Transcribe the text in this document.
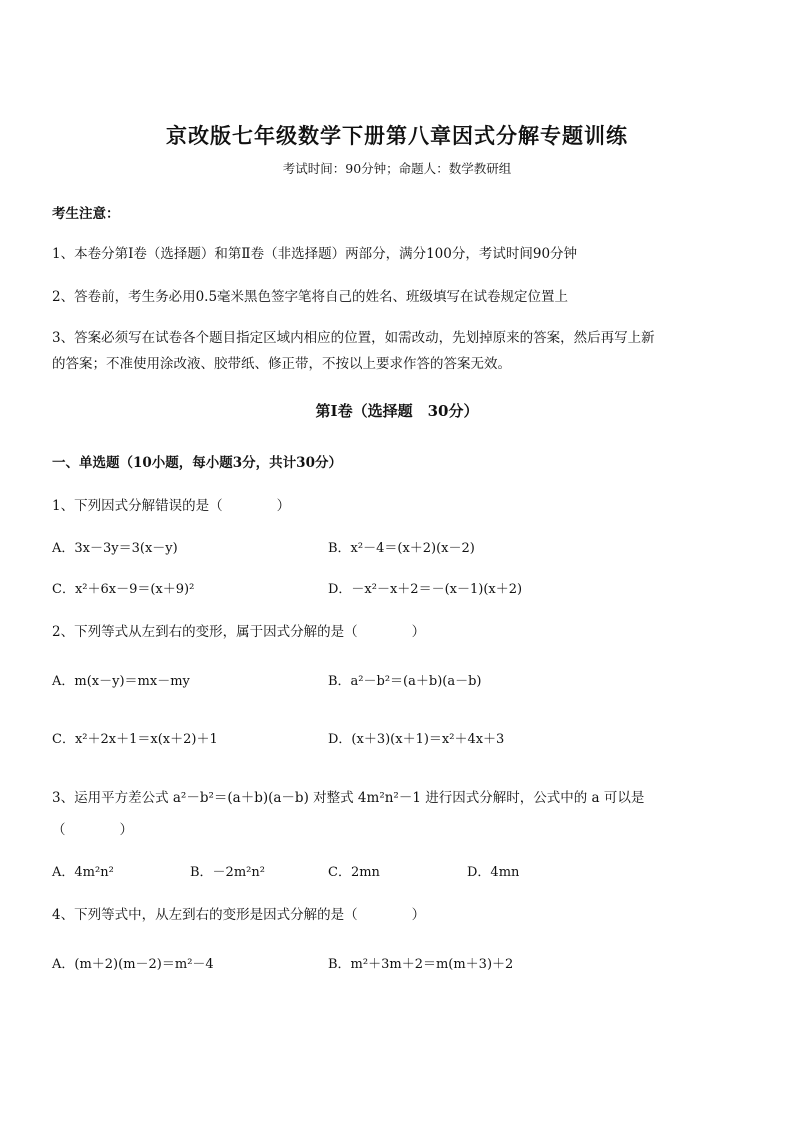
京改版七年级数学下册第八章因式分解专题训练
考试时间：90分钟；命题人：数学教研组
考生注意：
1、本卷分第Ⅰ卷（选择题）和第Ⅱ卷（非选择题）两部分，满分100分，考试时间90分钟
2、答卷前，考生务必用0.5毫米黑色签字笔将自己的姓名、班级填写在试卷规定位置上
3、答案必须写在试卷各个题目指定区域内相应的位置，如需改动，先划掉原来的答案，然后再写上新
的答案；不准使用涂改液、胶带纸、修正带，不按以上要求作答的答案无效。
第Ⅰ卷（选择题　30分）
一、单选题（10小题，每小题3分，共计30分）
1、下列因式分解错误的是（　　　　）
A．3x－3y＝3(x－y)	B．x²－4＝(x＋2)(x－2)
C．x²＋6x－9＝(x＋9)²	D．－x²－x＋2＝－(x－1)(x＋2)
2、下列等式从左到右的变形，属于因式分解的是（　　　　）
A．m(x－y)＝mx－my	B．a²－b²＝(a＋b)(a－b)
C．x²＋2x＋1＝x(x＋2)＋1	D．(x＋3)(x＋1)＝x²＋4x＋3
3、运用平方差公式 a²－b²＝(a＋b)(a－b) 对整式 4m²n²－1 进行因式分解时，公式中的 a 可以是
（　　　　）
A．4m²n²	B．－2m²n²	C．2mn	D．4mn
4、下列等式中，从左到右的变形是因式分解的是（　　　　）
A．(m＋2)(m－2)＝m²－4	B．m²＋3m＋2＝m(m＋3)＋2
